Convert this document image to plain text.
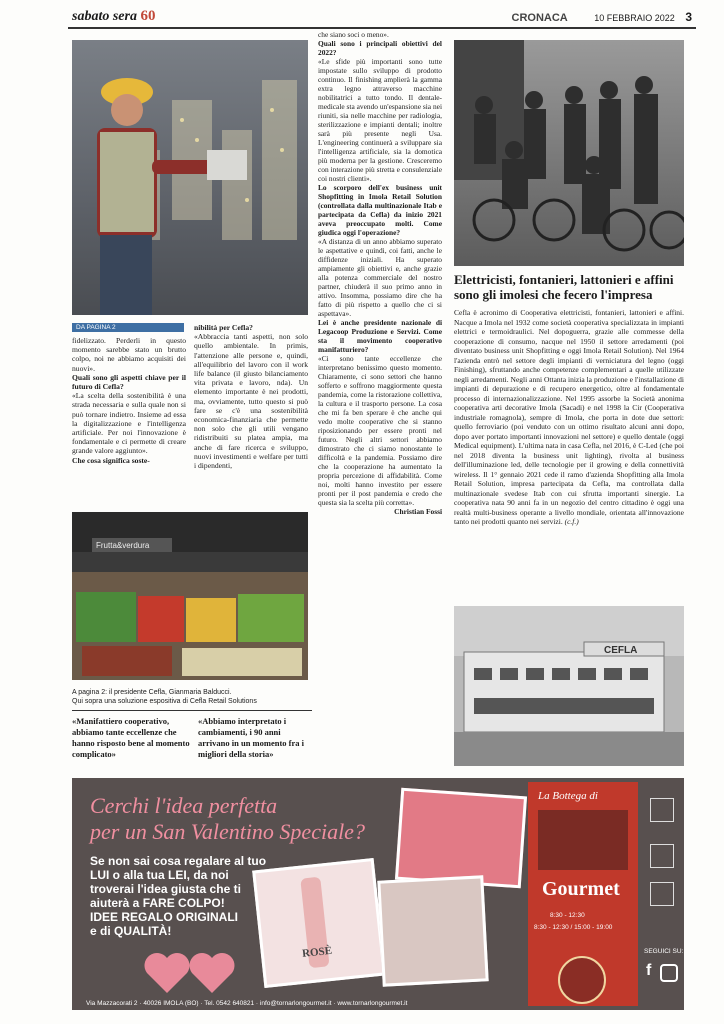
sabato sera 60	CRONACA	10 FEBBRAIO 2022 3
DA PAGINA 2

fidelizzato. Perderli in questo momento sarebbe stato un brutto colpo, noi ne abbiamo acquisiti dei nuovi».

Quali sono gli aspetti chiave per il futuro di Cefla?

«La scelta della sostenibilità è una strada necessaria e sulla quale non si può tornare indietro. Insieme ad essa la digitalizzazione e l'intelligenza artificiale. Per noi l'innovazione è fondamentale e ci permette di creare grande valore aggiunto».

Che cosa significa soste-

nibilità per Cefla?

«Abbraccia tanti aspetti, non solo quello ambientale. In primis, l'attenzione alle persone e, quindi, all'equilibrio del lavoro con il work life balance (il giusto bilanciamento vita privata e lavoro, nda). Un elemento importante è nei prodotti, ma, ovviamente, tutto questo si può fare se c'è una sostenibilità economica-finanziaria che permette non solo che gli utili vengano ridistribuiti su platea ampia, ma anche di fare ricerca e sviluppo, nuovi investimenti e welfare per tutti i dipendenti,

Frutta&verdura
A pagina 2: il presidente Cefla, Gianmaria Balducci.
Qui sopra una soluzione espositiva di Cefla Retail Solutions
«Manifattiero cooperativo, abbiamo tante eccellenze che hanno risposto bene al momento complicato»
«Abbiamo interpretato i cambiamenti, i 90 anni arrivano in un momento fra i migliori della storia»

che siano soci o meno».

Quali sono i principali obiettivi del 2022?

«Le sfide più importanti sono tutte impostate sullo sviluppo di prodotto continuo. Il finishing amplierà la gamma extra legno attraverso macchine nobilitatrici a tutto tondo. Il dentale-medicale sta avendo un'espansione sia nei riuniti, sia nelle macchine per radiologia, sterilizzazione e impianti dentali; inoltre sarà più presente negli Usa. L'engineering continuerà a sviluppare sia l'intelligenza artificiale, sia la domotica più moderna per la gestione. Cresceremo con interazione più stretta e consulenziale coi nostri clienti».

Lo scorporo dell'ex business unit Shopfitting in Imola Retail Solution (controllata dalla multinazionale Itab e partecipata da Cefla) da inizio 2021 aveva preoccupato molti. Come giudica oggi l'operazione?

«A distanza di un anno abbiamo superato le aspettative e quindi, coi fatti, anche le diffidenze iniziali. Ha superato ampiamente gli obiettivi e, anche grazie alla potenza commerciale del nostro partner, chiuderà il suo primo anno in attivo. Insomma, possiamo dire che ha fatto di più rispetto a quello che ci si aspettava».

Lei è anche presidente nazionale di Legacoop Produzione e Servizi. Come sta il movimento cooperativo manifatturiero?

«Ci sono tante eccellenze che interpretano benissimo questo momento. Chiaramente, ci sono settori che hanno sofferto e soffrono maggiormente questa pandemia, come la ristorazione collettiva, la cultura e il trasporto persone. La cosa che mi fa ben sperare è che anche qui vedo molte cooperative che si stanno riposizionando per essere pronti nel futuro. Negli altri settori abbiamo dimostrato che ci siamo nonostante le difficoltà e la pandemia. Possiamo dire che la cooperazione ha aumentato la propria percezione di affidabilità. Come noi, molti hanno investito per essere pronti per il post pandemia e credo che questa sia la scelta più corretta».

Christian Fossi

Elettricisti, fontanieri, lattonieri e affini sono gli imolesi che fecero l'impresa
Cefla è acronimo di Cooperativa elettricisti, fontanieri, lattonieri e affini. Nacque a Imola nel 1932 come società cooperativa specializzata in impianti elettrici e termoidraulici. Nel dopoguerra, grazie alle commesse della cooperazione di consumo, nacque nel 1950 il settore arredamenti (poi diventato business unit Shopfitting e oggi Imola Retail Solution). Nel 1964 l'azienda entrò nel settore degli impianti di verniciatura del legno (oggi Finishing), sfruttando anche competenze complementari a quelle utilizzate negli arredamenti. Negli anni Ottanta inizia la produzione e l'installazione di impianti di depurazione e di recupero energetico, oltre al fondamentale processo di internazionalizzazione. Nel 1995 assorbe la Società anonima cooperativa arti decorative Imola (Sacadi) e nel 1998 la Cir (Cooperativa industriale romagnola), sempre di Imola, che porta in dote due settori: quello ferroviario (poi venduto con un ottimo risultato alcuni anni dopo, dopo aver portato importanti innovazioni nel settore) e quello dentale (oggi Medical equipment). L'ultima nata in casa Cefla, nel 2016, è C-Led (che poi nel 2018 diventa la business unit lighting), rivolta al business dell'illuminazione led, delle tecnologie per il growing e della connettività wireless. Il 1° gennaio 2021 cede il ramo d'azienda Shopfitting alla Imola Retail Solution, impresa partecipata da Cefla, ma controllata dalla multinazionale svedese Itab con cui sfrutta importanti sinergie. La cooperativa nata 90 anni fa in un negozio del centro cittadino è oggi una realtà multi-business operante a livello mondiale, orientata all'innovazione tanto nei prodotti quanto nei servizi. (c.f.)
CEFLA
Cerchi l'idea perfetta
per un San Valentino Speciale?
Se non sai cosa regalare al tuo
LUI o alla tua LEI, da noi
troverai l'idea giusta che ti
aiuterà a FARE COLPO!
IDEE REGALO ORIGINALI
e di QUALITÀ!
ROSÈ
La Bottega di
Gourmet
8:30 - 12:30
8:30 - 12:30 / 15:00 - 19:00
SEGUICI SU:
f
Via Mazzacorati 2 · 40026 IMOLA (BO) · Tel. 0542 640821 · info@tornarlongourmet.it · www.tornarlongourmet.it
